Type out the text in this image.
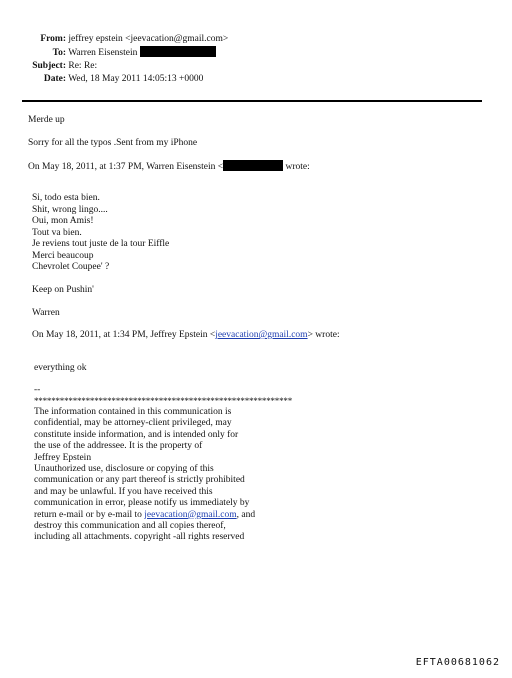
From: jeffrey epstein <jeevacation@gmail.com>
To: Warren Eisenstein
Subject: Re: Re:
Date: Wed, 18 May 2011 14:05:13 +0000
Merde up
Sorry for all the typos .Sent from my iPhone
On May 18, 2011, at 1:37 PM, Warren Eisenstein <	wrote:
Si, todo esta bien.
Shit, wrong lingo....
Oui, mon Amis!
Tout va bien.
Je reviens tout juste de la tour Eiffle
Merci beaucoup
Chevrolet Coupee' ?
Keep on Pushin'
Warren
On May 18, 2011, at 1:34 PM, Jeffrey Epstein <jeevacation@gmail.com> wrote:
everything ok
--
************************************************************
The information contained in this communication is
confidential, may be attorney-client privileged, may
constitute inside information, and is intended only for
the use of the addressee. It is the property of
Jeffrey Epstein
Unauthorized use, disclosure or copying of this
communication or any part thereof is strictly prohibited
and may be unlawful. If you have received this
communication in error, please notify us immediately by
return e-mail or by e-mail to jeevacation@gmail.com, and
destroy this communication and all copies thereof,
including all attachments. copyright -all rights reserved
EFTA00681062
